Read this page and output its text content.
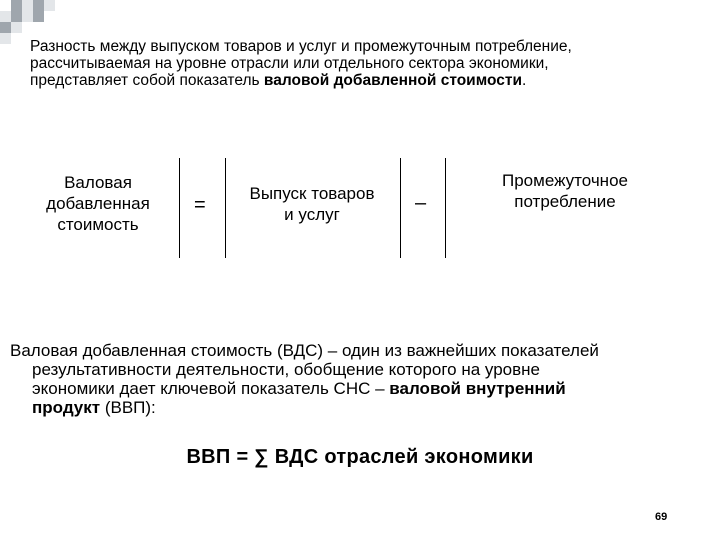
Разность между выпуском товаров и услуг и промежуточным потребление,
рассчитываемая на уровне отрасли или отдельного сектора экономики,
представляет собой показатель валовой добавленной стоимости.
Валовая
добавленная
стоимость
=
Выпуск товаров
и услуг
–
Промежуточное
потребление
Валовая добавленная стоимость (ВДС) – один из важнейших показателей
результативности деятельности, обобщение которого на уровне
экономики дает ключевой показатель СНС – валовой внутренний
продукт (ВВП):
ВВП = ∑ ВДС отраслей экономики
69
